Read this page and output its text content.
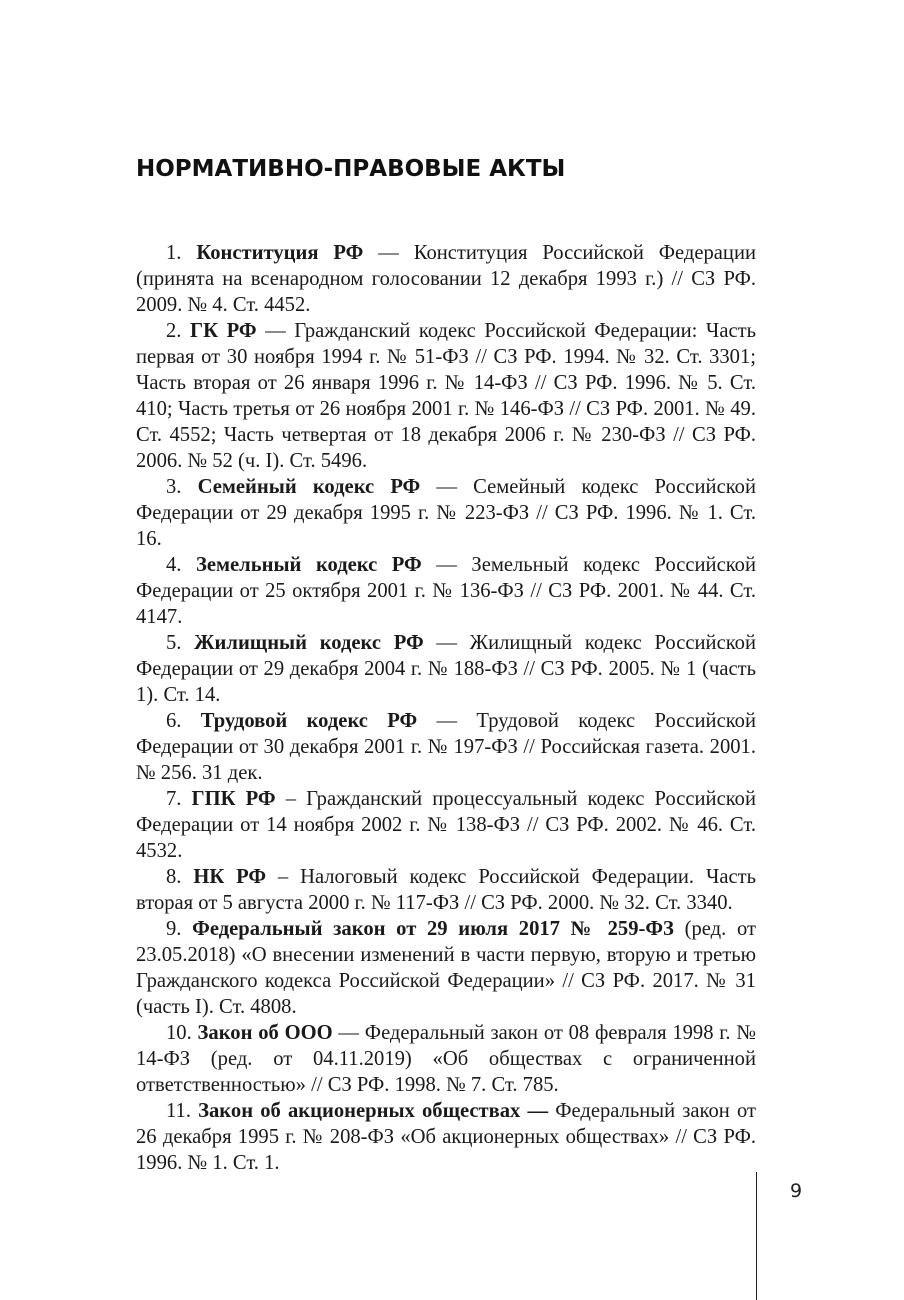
НОРМАТИВНО-ПРАВОВЫЕ АКТЫ

1. Конституция РФ — Конституция Российской Федерации (принята на всенародном голосовании 12 декабря 1993 г.) // СЗ РФ. 2009. № 4. Ст. 4452.

2. ГК РФ — Гражданский кодекс Российской Федерации: Часть первая от 30 ноября 1994 г. № 51-ФЗ // СЗ РФ. 1994. № 32. Ст. 3301; Часть вторая от 26 января 1996 г. № 14-ФЗ // СЗ РФ. 1996. № 5. Ст. 410; Часть третья от 26 ноября 2001 г. № 146-ФЗ // СЗ РФ. 2001. № 49. Ст. 4552; Часть четвертая от 18 декабря 2006 г. № 230-ФЗ // СЗ РФ. 2006. № 52 (ч. I). Ст. 5496.

3. Семейный кодекс РФ — Семейный кодекс Российской Федерации от 29 декабря 1995 г. № 223-ФЗ // СЗ РФ. 1996. № 1. Ст. 16.

4. Земельный кодекс РФ — Земельный кодекс Российской Федерации от 25 октября 2001 г. № 136-ФЗ // СЗ РФ. 2001. № 44. Ст. 4147.

5. Жилищный кодекс РФ — Жилищный кодекс Российской Федерации от 29 декабря 2004 г. № 188-ФЗ // СЗ РФ. 2005. № 1 (часть 1). Ст. 14.

6. Трудовой кодекс РФ — Трудовой кодекс Российской Федерации от 30 декабря 2001 г. № 197-ФЗ // Российская газета. 2001. № 256. 31 дек.

7. ГПК РФ – Гражданский процессуальный кодекс Российской Федерации от 14 ноября 2002 г. № 138-ФЗ // СЗ РФ. 2002. № 46. Ст. 4532.

8. НК РФ – Налоговый кодекс Российской Федерации. Часть вторая от 5 августа 2000 г. № 117-ФЗ // СЗ РФ. 2000. № 32. Ст. 3340.

9. Федеральный закон от 29 июля 2017 № 259-ФЗ (ред. от 23.05.2018) «О внесении изменений в части первую, вторую и третью Гражданского кодекса Российской Федерации» // СЗ РФ. 2017. № 31 (часть I). Ст. 4808.

10. Закон об ООО — Федеральный закон от 08 февраля 1998 г. № 14-ФЗ (ред. от 04.11.2019) «Об обществах с ограниченной ответственностью» // СЗ РФ. 1998. № 7. Ст. 785.

11. Закон об акционерных обществах — Федеральный закон от 26 декабря 1995 г. № 208-ФЗ «Об акционерных обществах» // СЗ РФ. 1996. № 1. Ст. 1.

9
